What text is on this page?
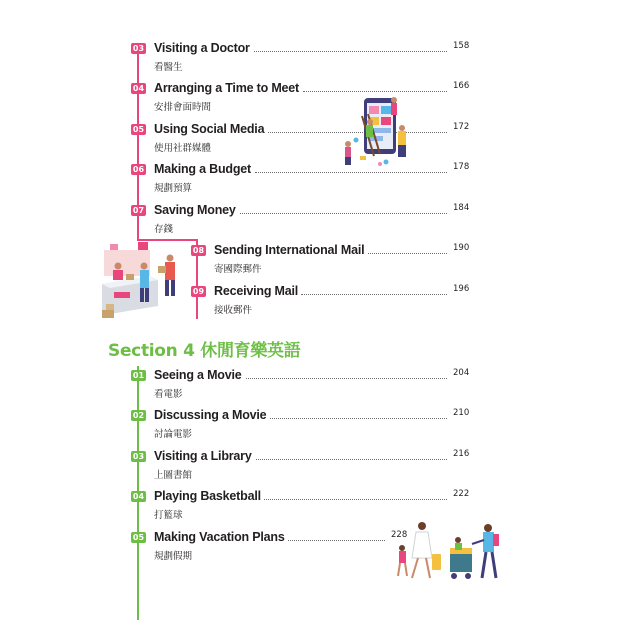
03 Visiting a Doctor	158
看醫生
04 Arranging a Time to Meet	166
安排會面時間
05 Using Social Media	172
使用社群媒體
06 Making a Budget	178
規劃預算
07 Saving Money	184
存錢
08 Sending International Mail	190
寄國際郵件
09 Receiving Mail	196
接收郵件
Section 4 休閒育樂英語
01 Seeing a Movie	204
看電影
02 Discussing a Movie	210
討論電影
03 Visiting a Library	216
上圖書館
04 Playing Basketball	222
打籃球
05 Making Vacation Plans	228
規劃假期
